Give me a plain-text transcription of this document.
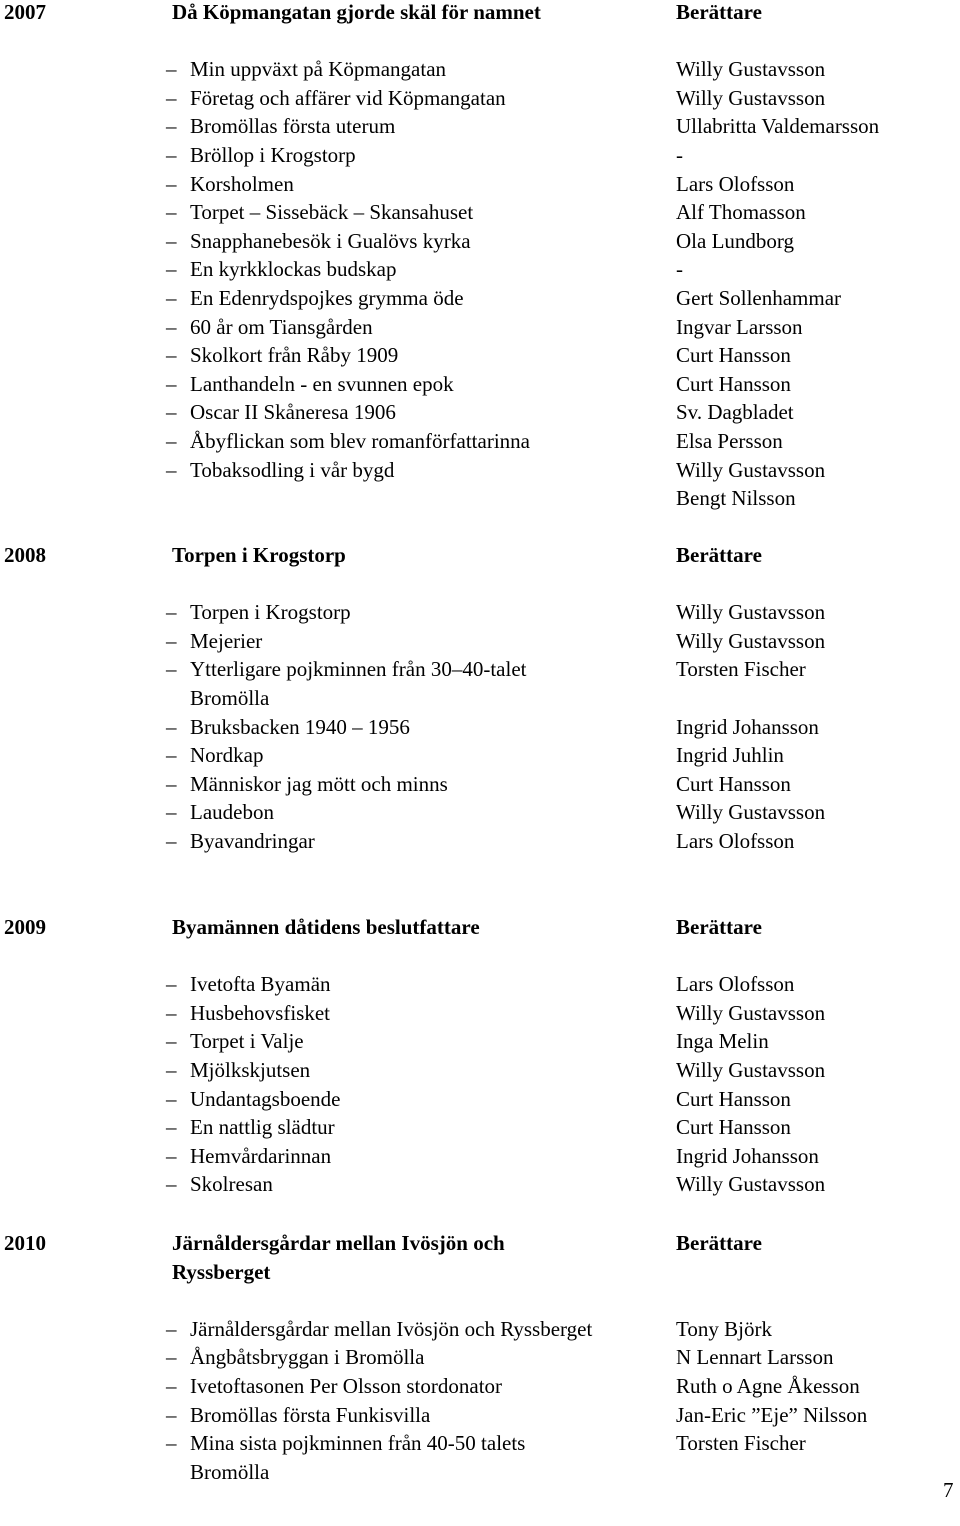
2007	Då Köpmangatan gjorde skäl för namnet	Berättare
– Min uppväxt på Köpmangatan	Willy Gustavsson
– Företag och affärer vid Köpmangatan	Willy Gustavsson
– Bromöllas första uterum	Ullabritta Valdemarsson
– Bröllop i Krogstorp	-
– Korsholmen	Lars Olofsson
– Torpet – Sissebäck – Skansahuset	Alf Thomasson
– Snapphanebesök i Gualövs kyrka	Ola Lundborg
– En kyrkklockas budskap	-
– En Edenrydspojkes grymma öde	Gert Sollenhammar
– 60 år om Tiansgården	Ingvar Larsson
– Skolkort från Råby 1909	Curt Hansson
– Lanthandeln - en svunnen epok	Curt Hansson
– Oscar II Skåneresa 1906	Sv. Dagbladet
– Åbyflickan som blev romanförfattarinna	Elsa Persson
– Tobaksodling i vår bygd	Willy Gustavsson
Bengt Nilsson
2008	Torpen i Krogstorp	Berättare
– Torpen i Krogstorp	Willy Gustavsson
– Mejerier	Willy Gustavsson
– Ytterligare pojkminnen från 30–40-talet	Torsten Fischer
Bromölla
– Bruksbacken 1940 – 1956	Ingrid Johansson
– Nordkap	Ingrid Juhlin
– Människor jag mött och minns	Curt Hansson
– Laudebon	Willy Gustavsson
– Byavandringar	Lars Olofsson
2009	Byamännen dåtidens beslutfattare	Berättare
– Ivetofta Byamän	Lars Olofsson
– Husbehovsfisket	Willy Gustavsson
– Torpet i Valje	Inga Melin
– Mjölkskjutsen	Willy Gustavsson
– Undantagsboende	Curt Hansson
– En nattlig slädtur	Curt Hansson
– Hemvårdarinnan	Ingrid Johansson
– Skolresan	Willy Gustavsson
2010	Järnåldersgårdar mellan Ivösjön och	Berättare
Ryssberget
– Järnåldersgårdar mellan Ivösjön och Ryssberget	Tony Björk
– Ångbåtsbryggan i Bromölla	N Lennart Larsson
– Ivetoftasonen Per Olsson stordonator	Ruth o Agne Åkesson
– Bromöllas första Funkisvilla	Jan-Eric ”Eje” Nilsson
– Mina sista pojkminnen från 40-50 talets	Torsten Fischer
Bromölla
7
